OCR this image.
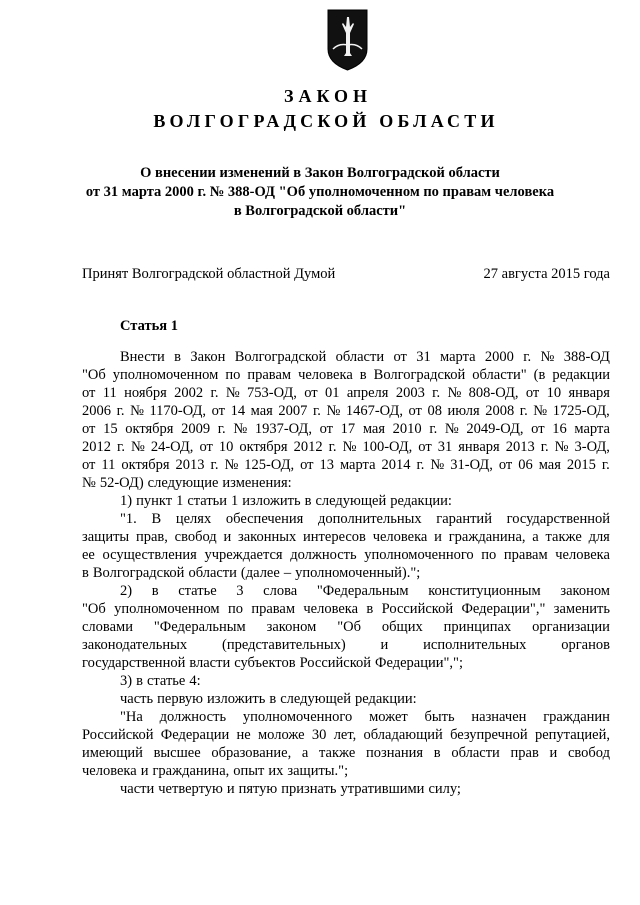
ЗАКОН
ВОЛГОГРАДСКОЙ ОБЛАСТИ
О внесении изменений в Закон Волгоградской области
от 31 марта 2000 г. № 388-ОД "Об уполномоченном по правам человека
в Волгоградской области"
Принят Волгоградской областной Думой	27 августа 2015 года
Статья 1
Внести в Закон Волгоградской области от 31 марта 2000 г. № 388-ОД
"Об уполномоченном по правам человека в Волгоградской области" (в редакции
от 11 ноября 2002 г. № 753-ОД, от 01 апреля 2003 г. № 808-ОД, от 10 января
2006 г. № 1170-ОД, от 14 мая 2007 г. № 1467-ОД, от 08 июля 2008 г. № 1725-ОД,
от 15 октября 2009 г. № 1937-ОД, от 17 мая 2010 г. № 2049-ОД, от 16 марта
2012 г. № 24-ОД, от 10 октября 2012 г. № 100-ОД, от 31 января 2013 г. № 3-ОД,
от 11 октября 2013 г. № 125-ОД, от 13 марта 2014 г. № 31-ОД, от 06 мая 2015 г.
№ 52-ОД) следующие изменения:
1) пункт 1 статьи 1 изложить в следующей редакции:
"1. В целях обеспечения дополнительных гарантий государственной
защиты прав, свобод и законных интересов человека и гражданина, а также для
ее осуществления учреждается должность уполномоченного по правам человека
в Волгоградской области (далее – уполномоченный).";
2) в статье 3 слова "Федеральным конституционным законом
"Об уполномоченном по правам человека в Российской Федерации"," заменить
словами "Федеральным законом "Об общих принципах организации
законодательных (представительных) и исполнительных органов
государственной власти субъектов Российской Федерации",";
3) в статье 4:
часть первую изложить в следующей редакции:
"На должность уполномоченного может быть назначен гражданин
Российской Федерации не моложе 30 лет, обладающий безупречной репутацией,
имеющий высшее образование, а также познания в области прав и свобод
человека и гражданина, опыт их защиты.";
части четвертую и пятую признать утратившими силу;
